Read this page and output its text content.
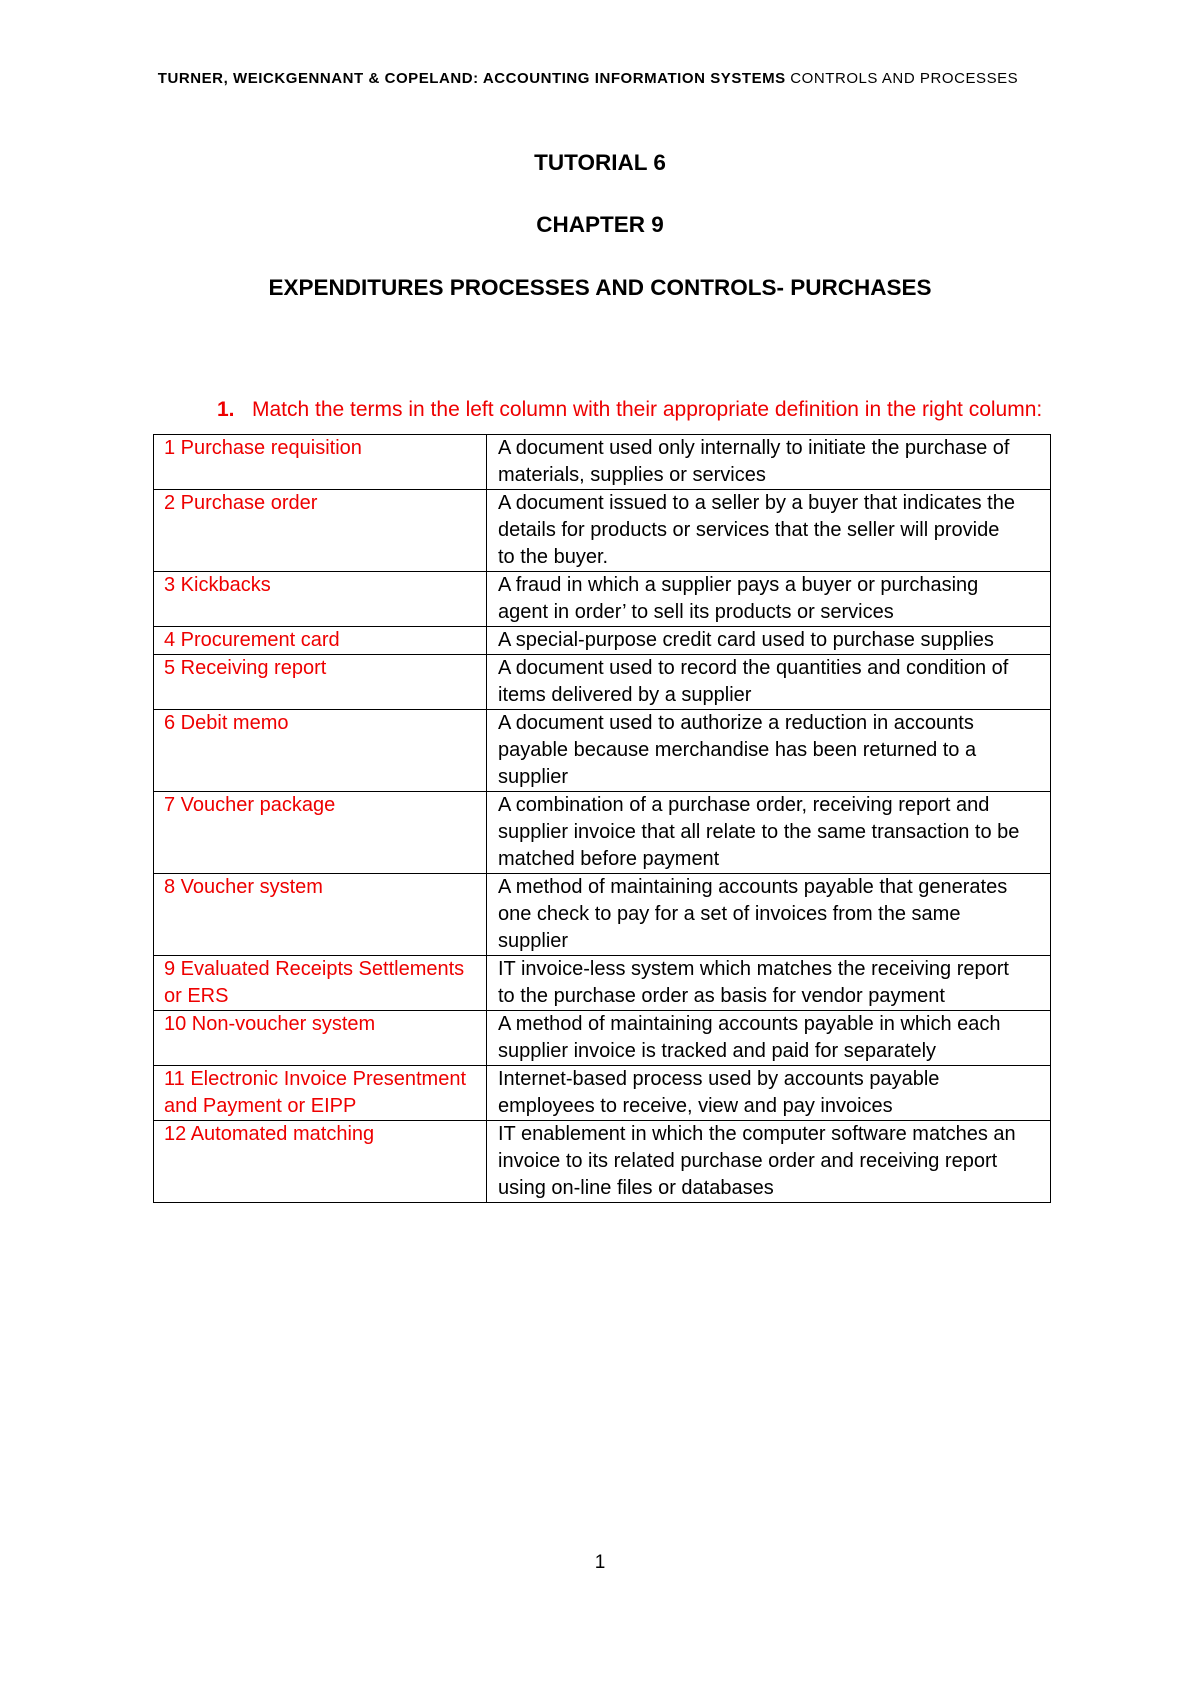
TURNER, WEICKGENNANT & COPELAND: ACCOUNTING INFORMATION SYSTEMS CONTROLS AND PROCESSES
TUTORIAL 6
CHAPTER 9
EXPENDITURES PROCESSES AND CONTROLS- PURCHASES
1. Match the terms in the left column with their appropriate definition in the right column:
1 Purchase requisition	A document used only internally to initiate the purchase of
materials, supplies or services

2 Purchase order	A document issued to a seller by a buyer that indicates the
details for products or services that the seller will provide
to the buyer.

3 Kickbacks	A fraud in which a supplier pays a buyer or purchasing
agent in order’ to sell its products or services

4 Procurement card	A special-purpose credit card used to purchase supplies

5 Receiving report	A document used to record the quantities and condition of
items delivered by a supplier

6 Debit memo	A document used to authorize a reduction in accounts
payable because merchandise has been returned to a
supplier

7 Voucher package	A combination of a purchase order, receiving report and
supplier invoice that all relate to the same transaction to be
matched before payment

8 Voucher system	A method of maintaining accounts payable that generates
one check to pay for a set of invoices from the same
supplier

9 Evaluated Receipts Settlements
or ERS	IT invoice-less system which matches the receiving report
to the purchase order as basis for vendor payment

10 Non-voucher system	A method of maintaining accounts payable in which each
supplier invoice is tracked and paid for separately

11 Electronic Invoice Presentment
and Payment or EIPP	Internet-based process used by accounts payable
employees to receive, view and pay invoices

12 Automated matching	IT enablement in which the computer software matches an
invoice to its related purchase order and receiving report
using on-line files or databases
1
